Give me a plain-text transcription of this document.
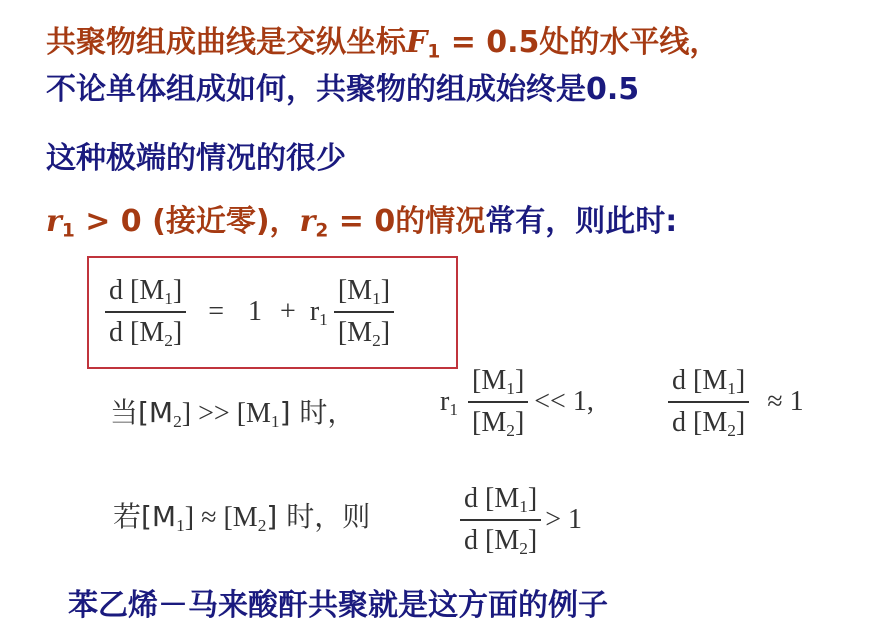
共聚物组成曲线是交纵坐标$F_1 = 0.5$处的水平线，
不论单体组成如何，共聚物的组成始终是0.5
这种极端的情况的很少
$r_1 > 0$ (接近零)，$r_2 = 0$的情况常有，则此时:
$\frac{d [M_1]}{d [M_2]} = 1 + r_1 \frac{[M_1]}{[M_2]}$
当$[M_2] >> [M_1]$ 时，	$r_1 \frac{[M_1]}{[M_2]} << 1$,	$\frac{d [M_1]}{d [M_2]} \approx 1$
若$[M_1] \approx [M_2]$ 时，则	$\frac{d [M_1]}{d [M_2]} > 1$
苯乙烯－马来酸酐共聚就是这方面的例子
